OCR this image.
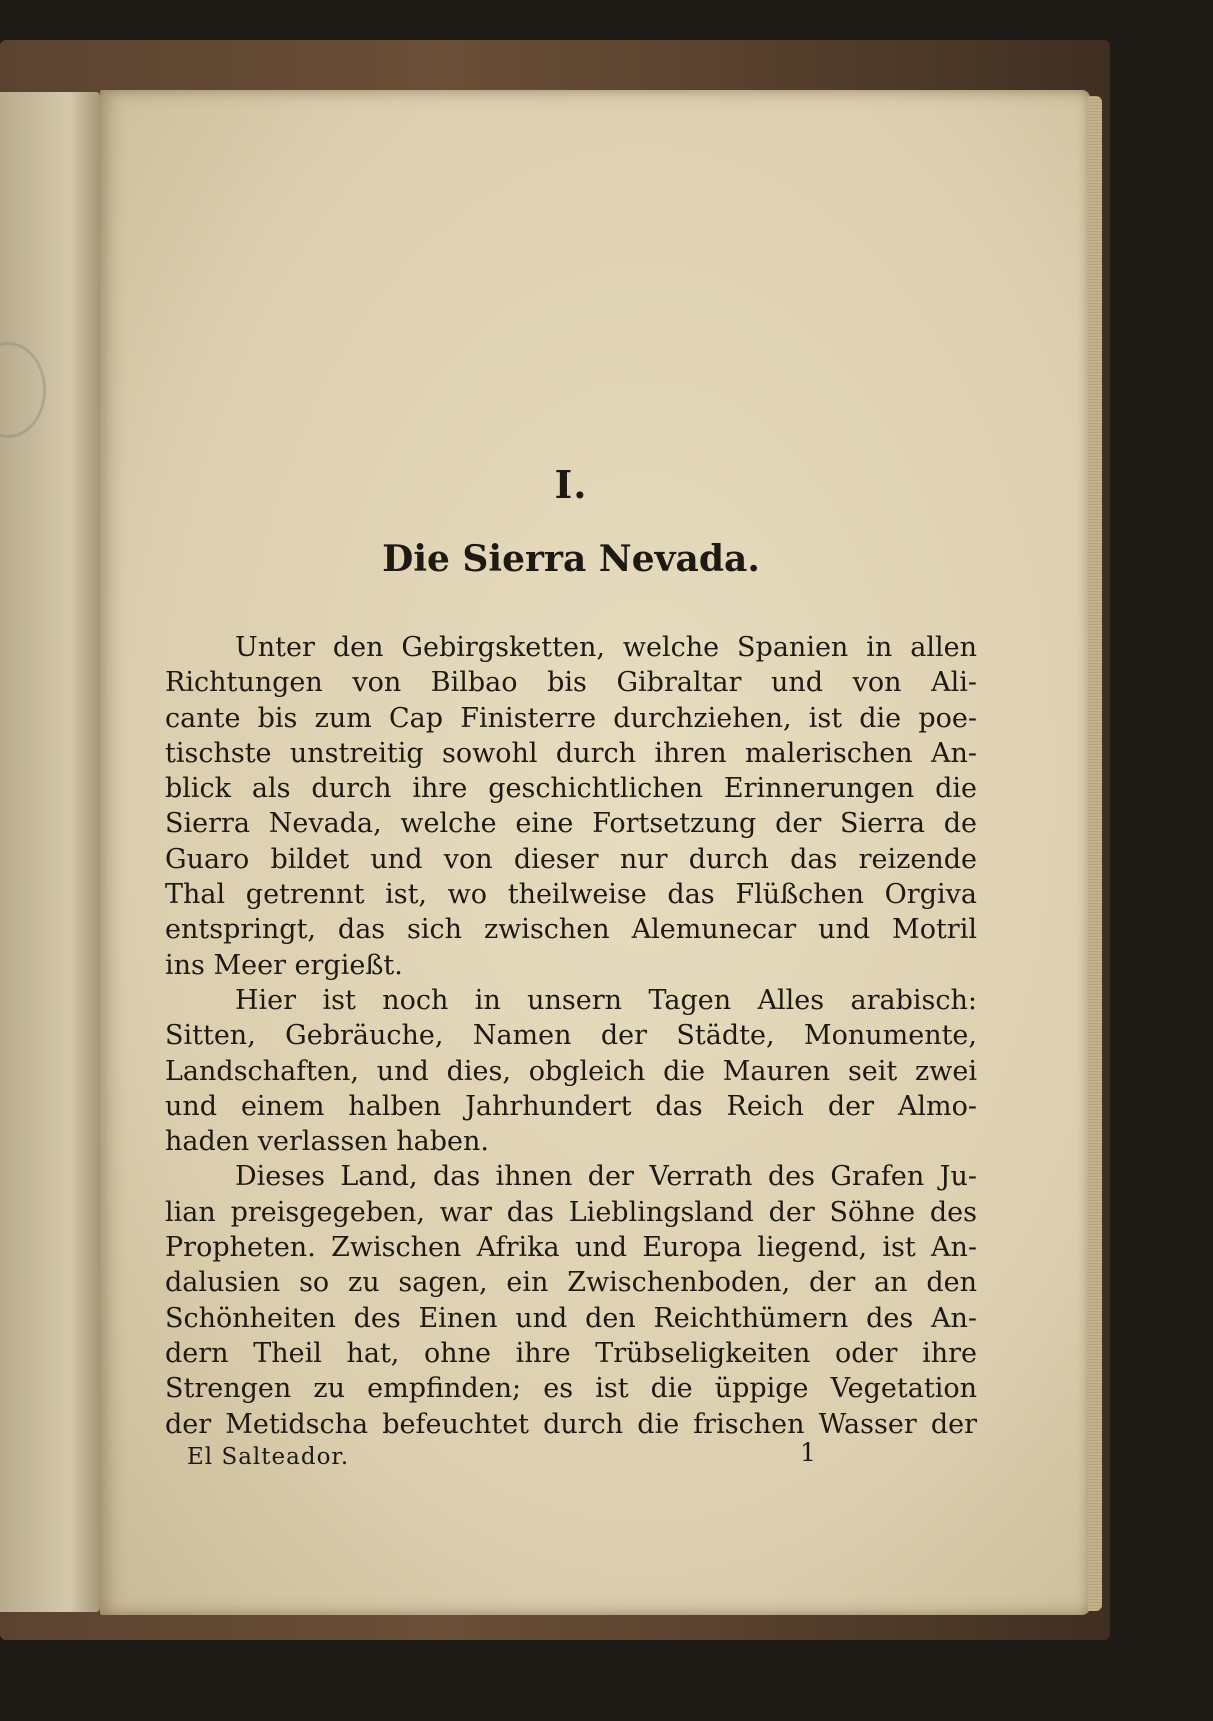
I.
Die Sierra Nevada.
Unter den Gebirgsketten, welche Spanien in allen
Richtungen von Bilbao bis Gibraltar und von Ali-
cante bis zum Cap Finisterre durchziehen, ist die poe-
tischste unstreitig sowohl durch ihren malerischen An-
blick als durch ihre geschichtlichen Erinnerungen die
Sierra Nevada, welche eine Fortsetzung der Sierra de
Guaro bildet und von dieser nur durch das reizende
Thal getrennt ist, wo theilweise das Flüßchen Orgiva
entspringt, das sich zwischen Alemunecar und Motril
ins Meer ergießt.
Hier ist noch in unsern Tagen Alles arabisch:
Sitten, Gebräuche, Namen der Städte, Monumente,
Landschaften, und dies, obgleich die Mauren seit zwei
und einem halben Jahrhundert das Reich der Almo-
haden verlassen haben.
Dieses Land, das ihnen der Verrath des Grafen Ju-
lian preisgegeben, war das Lieblingsland der Söhne des
Propheten. Zwischen Afrika und Europa liegend, ist An-
dalusien so zu sagen, ein Zwischenboden, der an den
Schönheiten des Einen und den Reichthümern des An-
dern Theil hat, ohne ihre Trübseligkeiten oder ihre
Strengen zu empfinden; es ist die üppige Vegetation
der Metidscha befeuchtet durch die frischen Wasser der
El Salteador.	1
